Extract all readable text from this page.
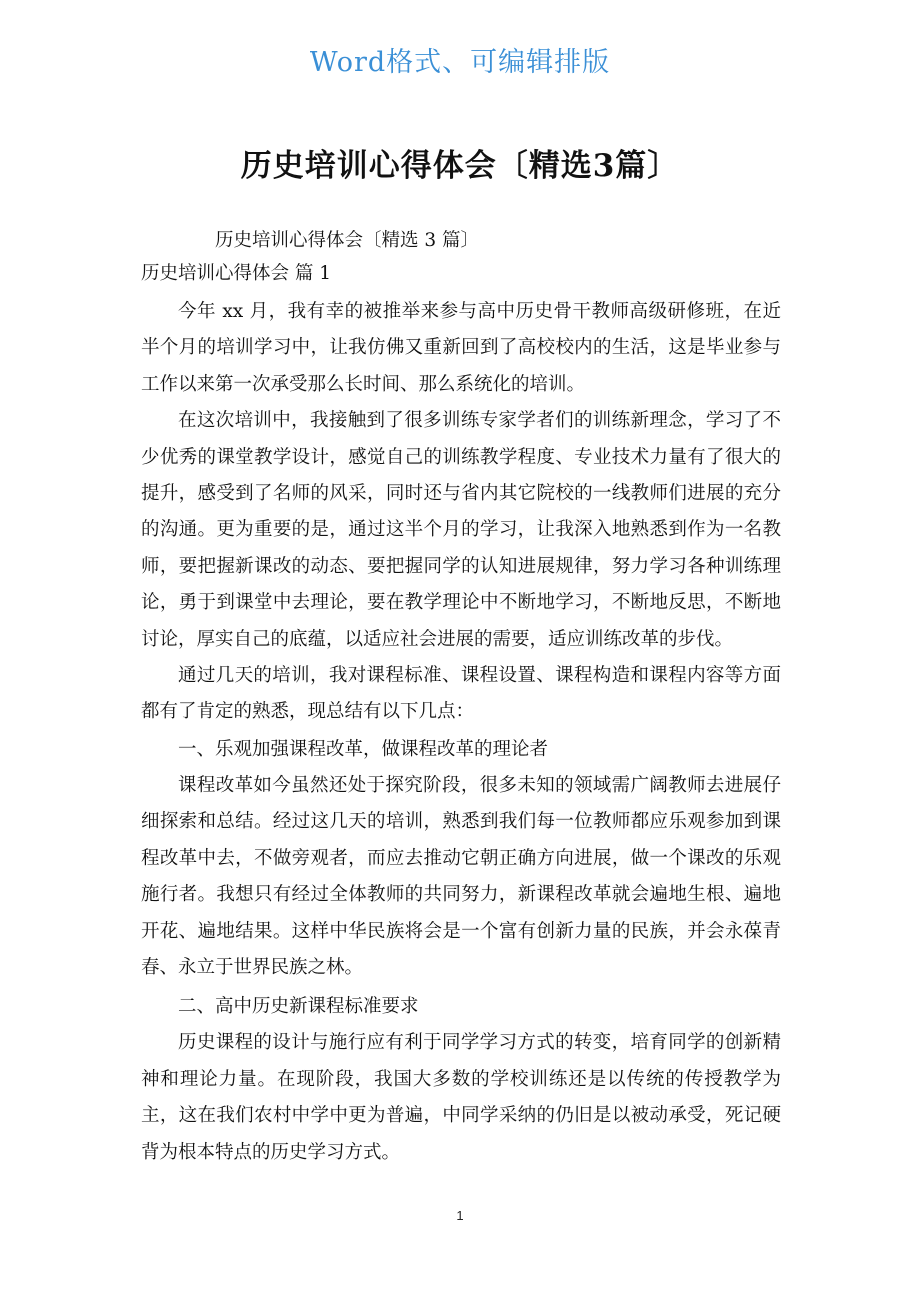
Word格式、可编辑排版
历史培训心得体会〔精选3篇〕

历史培训心得体会〔精选 3 篇〕

历史培训心得体会 篇 1

今年 xx 月，我有幸的被推举来参与高中历史骨干教师高级研修班，在近半个月的培训学习中，让我仿佛又重新回到了高校校内的生活，这是毕业参与工作以来第一次承受那么长时间、那么系统化的培训。

在这次培训中，我接触到了很多训练专家学者们的训练新理念，学习了不少优秀的课堂教学设计，感觉自己的训练教学程度、专业技术力量有了很大的提升，感受到了名师的风采，同时还与省内其它院校的一线教师们进展的充分的沟通。更为重要的是，通过这半个月的学习，让我深入地熟悉到作为一名教师，要把握新课改的动态、要把握同学的认知进展规律，努力学习各种训练理论，勇于到课堂中去理论，要在教学理论中不断地学习，不断地反思，不断地讨论，厚实自己的底蕴，以适应社会进展的需要，适应训练改革的步伐。

通过几天的培训，我对课程标准、课程设置、课程构造和课程内容等方面都有了肯定的熟悉，现总结有以下几点：

一、乐观加强课程改革，做课程改革的理论者

课程改革如今虽然还处于探究阶段，很多未知的领域需广阔教师去进展仔细探索和总结。经过这几天的培训，熟悉到我们每一位教师都应乐观参加到课程改革中去，不做旁观者，而应去推动它朝正确方向进展，做一个课改的乐观施行者。我想只有经过全体教师的共同努力，新课程改革就会遍地生根、遍地开花、遍地结果。这样中华民族将会是一个富有创新力量的民族，并会永葆青春、永立于世界民族之林。

二、高中历史新课程标准要求

历史课程的设计与施行应有利于同学学习方式的转变，培育同学的创新精神和理论力量。在现阶段，我国大多数的学校训练还是以传统的传授教学为主，这在我们农村中学中更为普遍，中同学采纳的仍旧是以被动承受，死记硬背为根本特点的历史学习方式。

1
